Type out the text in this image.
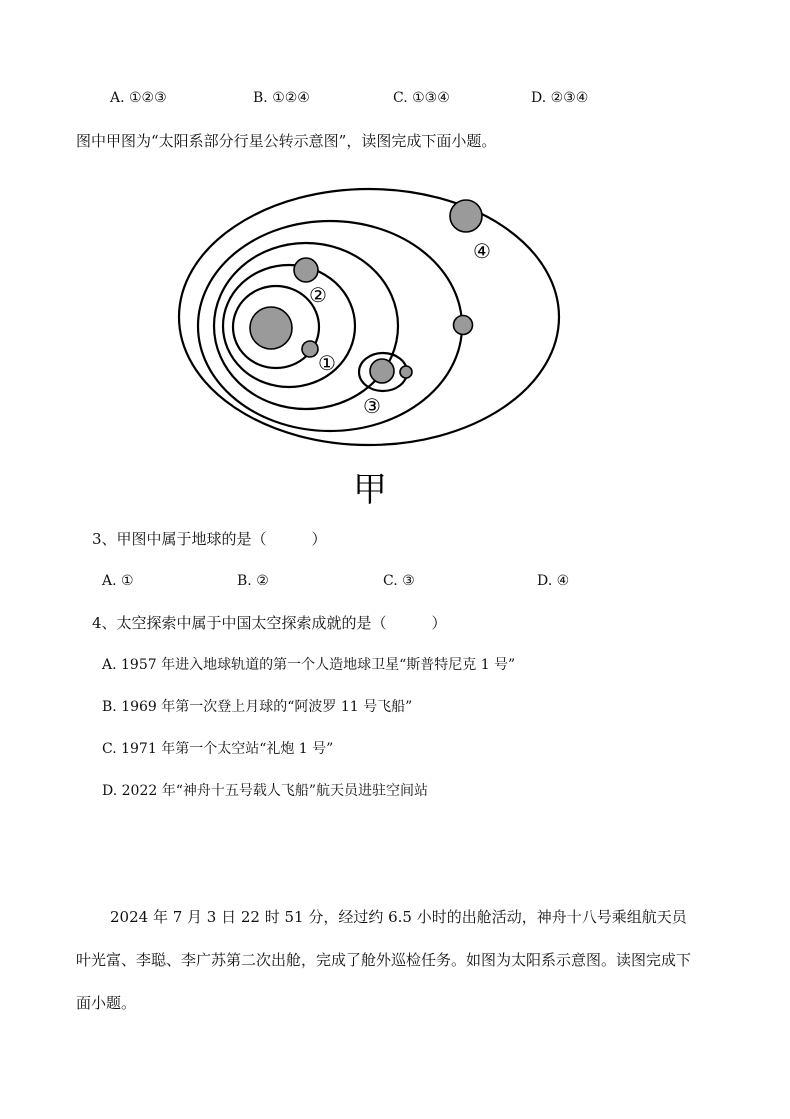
A. ①②③	B. ①②④	C. ①③④	D. ②③④
图中甲图为“太阳系部分行星公转示意图”，读图完成下面小题。
①
②
③
④
甲
3、甲图中属于地球的是（　　　）
A. ①	B. ②	C. ③	D. ④
4、太空探索中属于中国太空探索成就的是（　　　）
A. 1957 年进入地球轨道的第一个人造地球卫星“斯普特尼克 1 号”
B. 1969 年第一次登上月球的“阿波罗 11 号飞船”
C. 1971 年第一个太空站“礼炮 1 号”
D. 2022 年“神舟十五号载人飞船”航天员进驻空间站
2024 年 7 月 3 日 22 时 51 分，经过约 6.5 小时的出舱活动，神舟十八号乘组航天员叶光富、李聪、李广苏第二次出舱，完成了舱外巡检任务。如图为太阳系示意图。读图完成下面小题。
